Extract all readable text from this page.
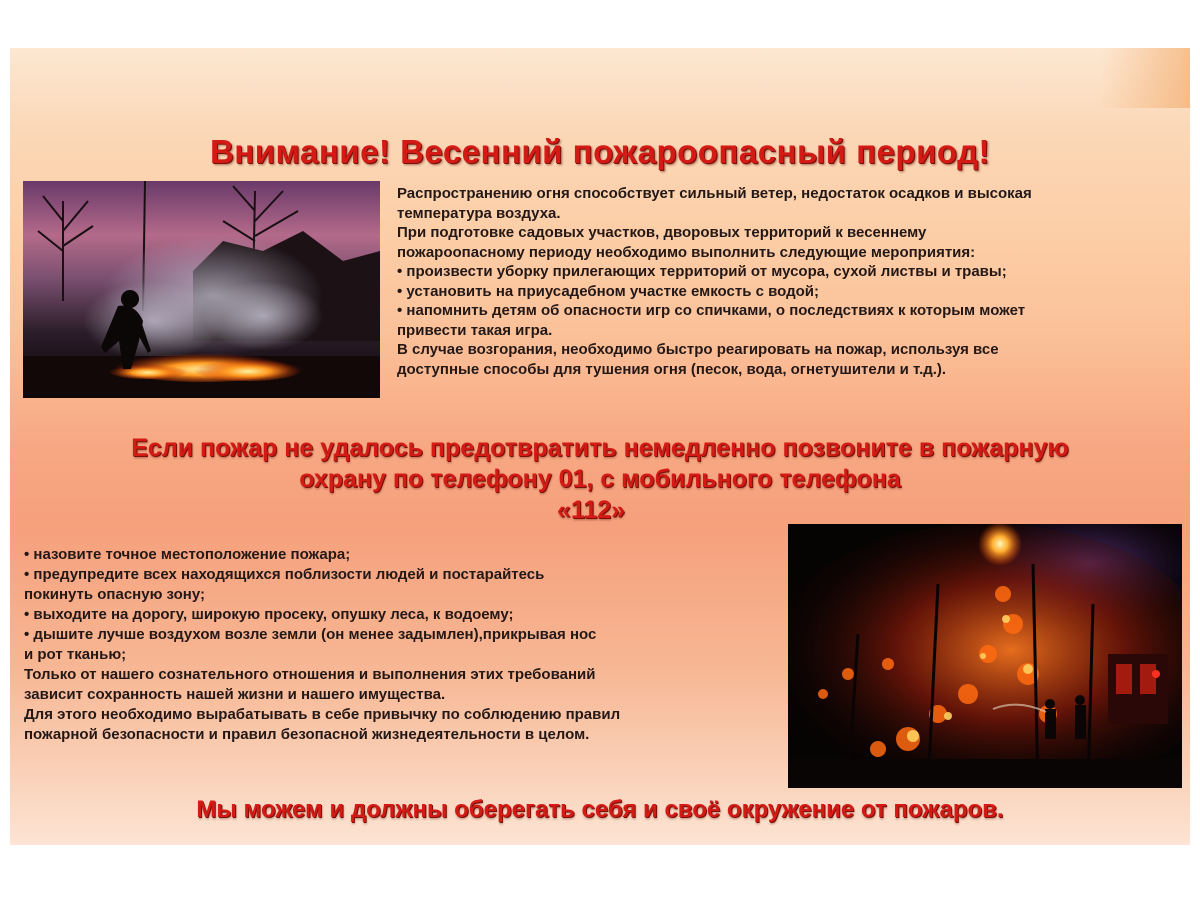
Внимание! Весенний пожароопасный период!
Распространению огня способствует сильный ветер, недостаток осадков и высокая
температура воздуха.
При подготовке садовых участков, дворовых территорий к весеннему
пожароопасному периоду необходимо выполнить следующие мероприятия:
• произвести уборку прилегающих территорий от мусора, сухой листвы и травы;
• установить на приусадебном участке емкость с водой;
• напомнить детям об опасности игр со спичками, о последствиях к которым может
привести такая игра.
В случае возгорания, необходимо быстро реагировать на пожар, используя все
доступные способы для тушения огня (песок, вода, огнетушители и т.д.).
Если пожар не удалось предотвратить немедленно позвоните в пожарную
охрану по телефону 01, с мобильного телефона
«112»
• назовите точное местоположение пожара;
• предупредите всех находящихся поблизости людей и постарайтесь
покинуть опасную зону;
• выходите на дорогу, широкую просеку, опушку леса, к водоему;
• дышите лучше воздухом возле земли (он менее задымлен),прикрывая нос
и рот тканью;
Только от нашего сознательного отношения и выполнения этих требований
зависит сохранность нашей жизни и нашего имущества.
Для этого необходимо вырабатывать в себе привычку по соблюдению правил
пожарной безопасности и правил безопасной жизнедеятельности в целом.
Мы можем и должны оберегать себя и своё окружение от пожаров.
